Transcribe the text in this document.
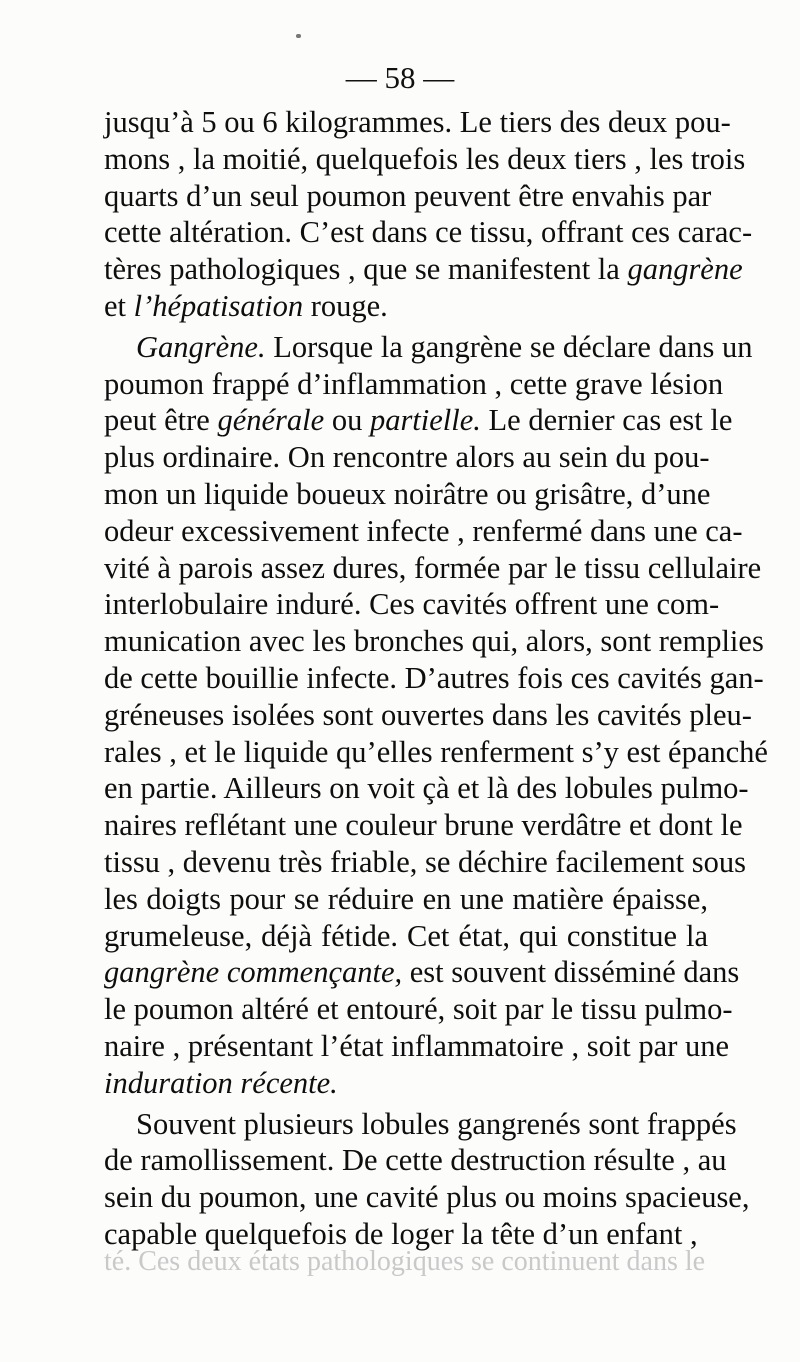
— 58 —
jusqu’à 5 ou 6 kilogrammes. Le tiers des deux pou-
mons , la moitié, quelquefois les deux tiers , les trois
quarts d’un seul poumon peuvent être envahis par
cette altération. C’est dans ce tissu, offrant ces carac-
tères pathologiques , que se manifestent la gangrène
et l’hépatisation rouge.
Gangrène. Lorsque la gangrène se déclare dans un
poumon frappé d’inflammation , cette grave lésion
peut être générale ou partielle. Le dernier cas est le
plus ordinaire. On rencontre alors au sein du pou-
mon un liquide boueux noirâtre ou grisâtre, d’une
odeur excessivement infecte , renfermé dans une ca-
vité à parois assez dures, formée par le tissu cellulaire
interlobulaire induré. Ces cavités offrent une com-
munication avec les bronches qui, alors, sont remplies
de cette bouillie infecte. D’autres fois ces cavités gan-
gréneuses isolées sont ouvertes dans les cavités pleu-
rales , et le liquide qu’elles renferment s’y est épanché
en partie. Ailleurs on voit çà et là des lobules pulmo-
naires reflétant une couleur brune verdâtre et dont le
tissu , devenu très friable, se déchire facilement sous
les doigts pour se réduire en une matière épaisse,
grumeleuse, déjà fétide. Cet état, qui constitue la
gangrène commençante, est souvent disséminé dans
le poumon altéré et entouré, soit par le tissu pulmo-
naire , présentant l’état inflammatoire , soit par une
induration récente.
Souvent plusieurs lobules gangrenés sont frappés
de ramollissement. De cette destruction résulte , au
sein du poumon, une cavité plus ou moins spacieuse,
capable quelquefois de loger la tête d’un enfant ,
té. Ces deux états pathologiques se continuent dans le
